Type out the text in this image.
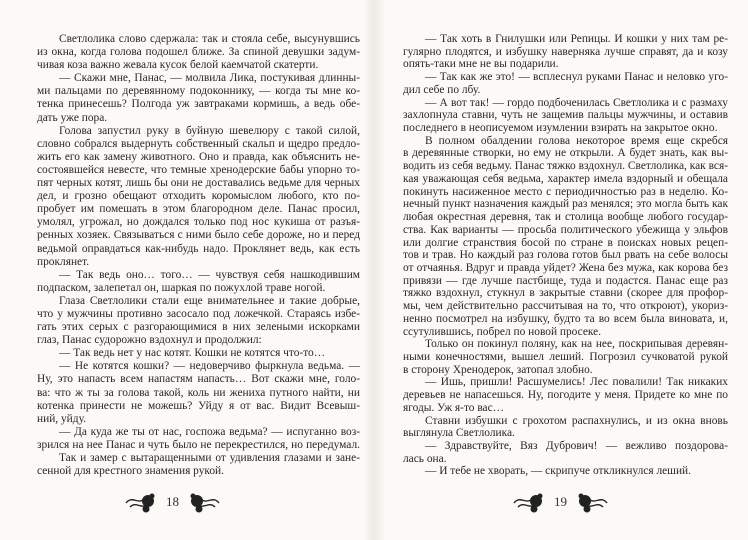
Светлолика слово сдержала: так и стояла себе, высунувшись
из окна, когда голова подошел ближе. За спиной девушки задум-
чивая коза важно жевала кусок белой каемчатой скатерти.
— Скажи мне, Панас, — молвила Лика, постукивая длинны-
ми пальцами по деревянному подоконнику, — когда ты мне ко-
тенка принесешь? Полгода уж завтраками кормишь, а ведь обе-
дать уже пора.
Голова запустил руку в буйную шевелюру с такой силой,
словно собрался выдернуть собственный скальп и щедро предло-
жить его как замену животного. Оно и правда, как объяснить не-
состоявшейся невесте, что темные хренодерские бабы упорно то-
пят черных котят, лишь бы они не доставались ведьме для черных
дел, и грозно обещают отходить коромыслом любого, кто по-
пробует им помешать в этом благородном деле. Панас просил,
умолял, угрожал, но дождался только под нос кукиша от разъя-
ренных хозяек. Связываться с ними было себе дороже, но и перед
ведьмой оправдаться как-нибудь надо. Проклянет ведь, как есть
проклянет.
— Так ведь оно… того… — чувствуя себя нашкодившим
подпаском, залепетал он, шаркая по пожухлой траве ногой.
Глаза Светлолики стали еще внимательнее и такие добрые,
что у мужчины противно засосало под ложечкой. Стараясь избе-
гать этих серых с разгорающимися в них зелеными искорками
глаз, Панас судорожно вздохнул и продолжил:
— Так ведь нет у нас котят. Кошки не котятся что-то…
— Не котятся кошки? — недоверчиво фыркнула ведьма. —
Ну, это напасть всем напастям напасть… Вот скажи мне, голо-
ва: что ж ты за голова такой, коль ни жениха путного найти, ни
котенка принести не можешь? Уйду я от вас. Видит Всевыш-
ний, уйду.
— Да куда же ты от нас, госпожа ведьма? — испуганно воз-
зрился на нее Панас и чуть было не перекрестился, но передумал.
Так и замер с вытаращенными от удивления глазами и зане-
сенной для крестного знамения рукой.
— Так хоть в Гнилушки или Репицы. И кошки у них там ре-
гулярно плодятся, и избушку наверняка лучше справят, да и козу
опять-таки мне не вы подарили.
— Так как же это! — всплеснул руками Панас и неловко уго-
дил себе по лбу.
— А вот так! — гордо подбоченилась Светлолика и с размаху
захлопнула ставни, чуть не защемив пальцы мужчины, и оставив
последнего в неописуемом изумлении взирать на закрытое окно.
В полном обалдении голова некоторое время еще скребся
в деревянные створки, но ему не открыли. А будет знать, как вы-
водить из себя ведьму. Панас тяжко вздохнул. Светлолика, как вся-
кая уважающая себя ведьма, характер имела вздорный и обещала
покинуть насиженное место с периодичностью раз в неделю. Ко-
нечный пункт назначения каждый раз менялся; это могла быть как
любая окрестная деревня, так и столица вообще любого государ-
ства. Как варианты — просьба политического убежища у эльфов
или долгие странствия босой по стране в поисках новых рецеп-
тов и трав. Но каждый раз голова готов был рвать на себе волосы
от отчаянья. Вдруг и правда уйдет? Жена без мужа, как корова без
привязи — где лучше пастбище, туда и подастся. Панас еще раз
тяжко вздохнул, стукнул в закрытые ставни (скорее для профор-
мы, чем действительно рассчитывая на то, что откроют), укориз-
ненно посмотрел на избушку, будто та во всем была виновата, и,
ссутулившись, побрел по новой просеке.
Только он покинул поляну, как на нее, поскрипывая деревян-
ными конечностями, вышел леший. Погрозил сучковатой рукой
в сторону Хренодерок, затопал злобно.
— Ишь, пришли! Расшумелись! Лес повалили! Так никаких
деревьев не напасешься. Ну, погодите у меня. Придете ко мне по
ягоды. Уж я-то вас…
Ставни избушки с грохотом распахнулись, и из окна вновь
выглянула Светлолика.
— Здравствуйте, Вяз Дубрович! — вежливо поздорова-
лась она.
— И тебе не хворать, — скрипуче откликнулся леший.
18	19
